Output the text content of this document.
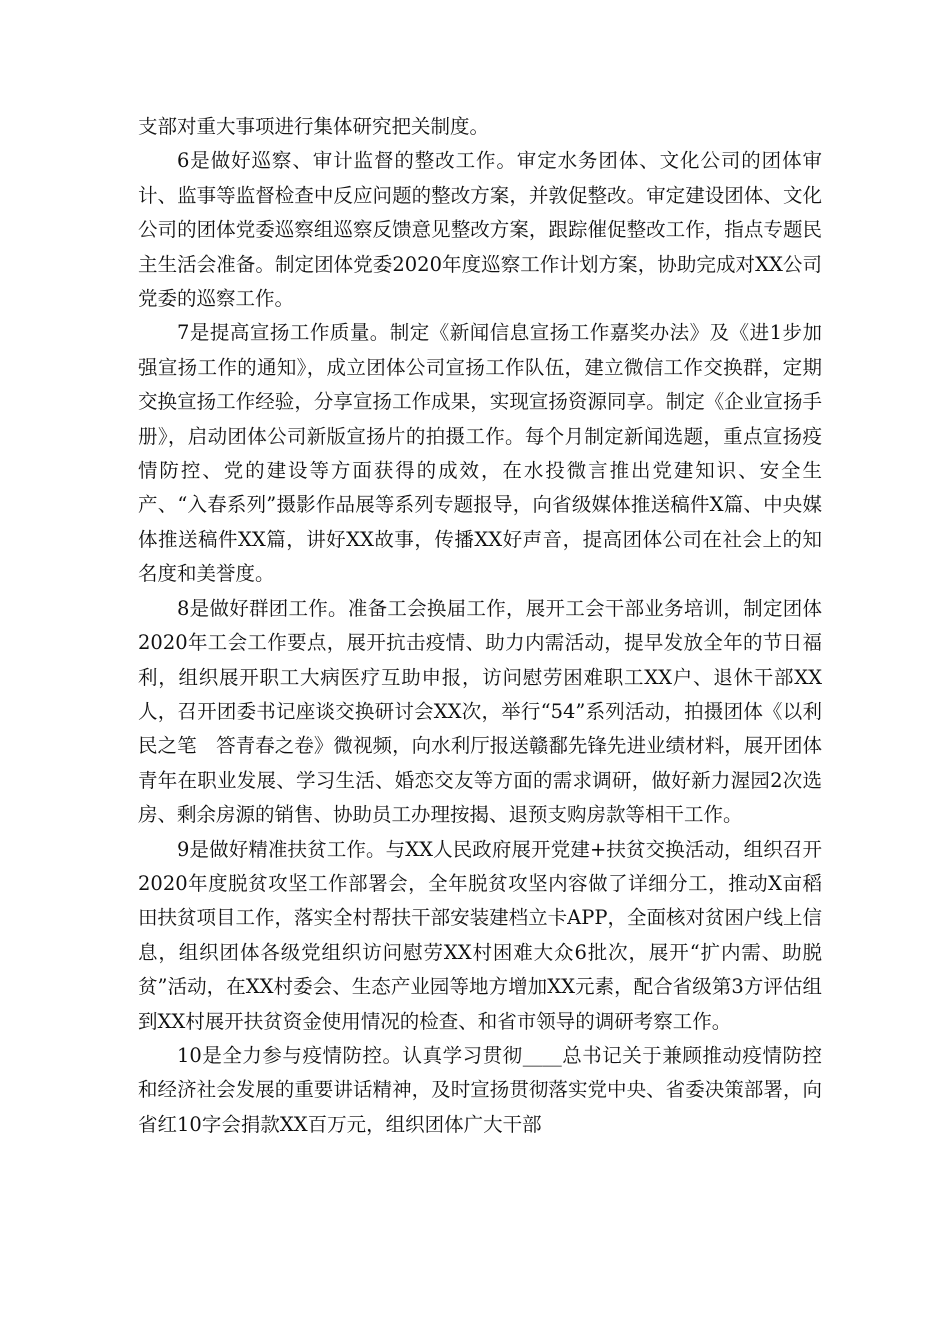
支部对重大事项进行集体研究把关制度。

6是做好巡察、审计监督的整改工作。审定水务团体、文化公司的团体审计、监事等监督检查中反应问题的整改方案，并敦促整改。审定建设团体、文化公司的团体党委巡察组巡察反馈意见整改方案，跟踪催促整改工作，指点专题民主生活会准备。制定团体党委2020年度巡察工作计划方案，协助完成对XX公司党委的巡察工作。

7是提高宣扬工作质量。制定《新闻信息宣扬工作嘉奖办法》及《进1步加强宣扬工作的通知》，成立团体公司宣扬工作队伍，建立微信工作交换群，定期交换宣扬工作经验，分享宣扬工作成果，实现宣扬资源同享。制定《企业宣扬手册》，启动团体公司新版宣扬片的拍摄工作。每个月制定新闻选题，重点宣扬疫情防控、党的建设等方面获得的成效，在水投微言推出党建知识、安全生产、“入春系列”摄影作品展等系列专题报导，向省级媒体推送稿件X篇、中央媒体推送稿件XX篇，讲好XX故事，传播XX好声音，提高团体公司在社会上的知名度和美誉度。

8是做好群团工作。准备工会换届工作，展开工会干部业务培训，制定团体2020年工会工作要点，展开抗击疫情、助力内需活动，提早发放全年的节日福利，组织展开职工大病医疗互助申报，访问慰劳困难职工XX户、退休干部XX人，召开团委书记座谈交换研讨会XX次，举行“54”系列活动，拍摄团体《以利民之笔　答青春之卷》微视频，向水利厅报送赣鄱先锋先进业绩材料，展开团体青年在职业发展、学习生活、婚恋交友等方面的需求调研，做好新力渥园2次选房、剩余房源的销售、协助员工办理按揭、退预支购房款等相干工作。

9是做好精准扶贫工作。与XX人民政府展开党建+扶贫交换活动，组织召开2020年度脱贫攻坚工作部署会，全年脱贫攻坚内容做了详细分工，推动X亩稻田扶贫项目工作，落实全村帮扶干部安装建档立卡APP，全面核对贫困户线上信息，组织团体各级党组织访问慰劳XX村困难大众6批次，展开“扩内需、助脱贫”活动，在XX村委会、生态产业园等地方增加XX元素，配合省级第3方评估组到XX村展开扶贫资金使用情况的检查、和省市领导的调研考察工作。

10是全力参与疫情防控。认真学习贯彻____总书记关于兼顾推动疫情防控和经济社会发展的重要讲话精神，及时宣扬贯彻落实党中央、省委决策部署，向省红10字会捐款XX百万元，组织团体广大干部
